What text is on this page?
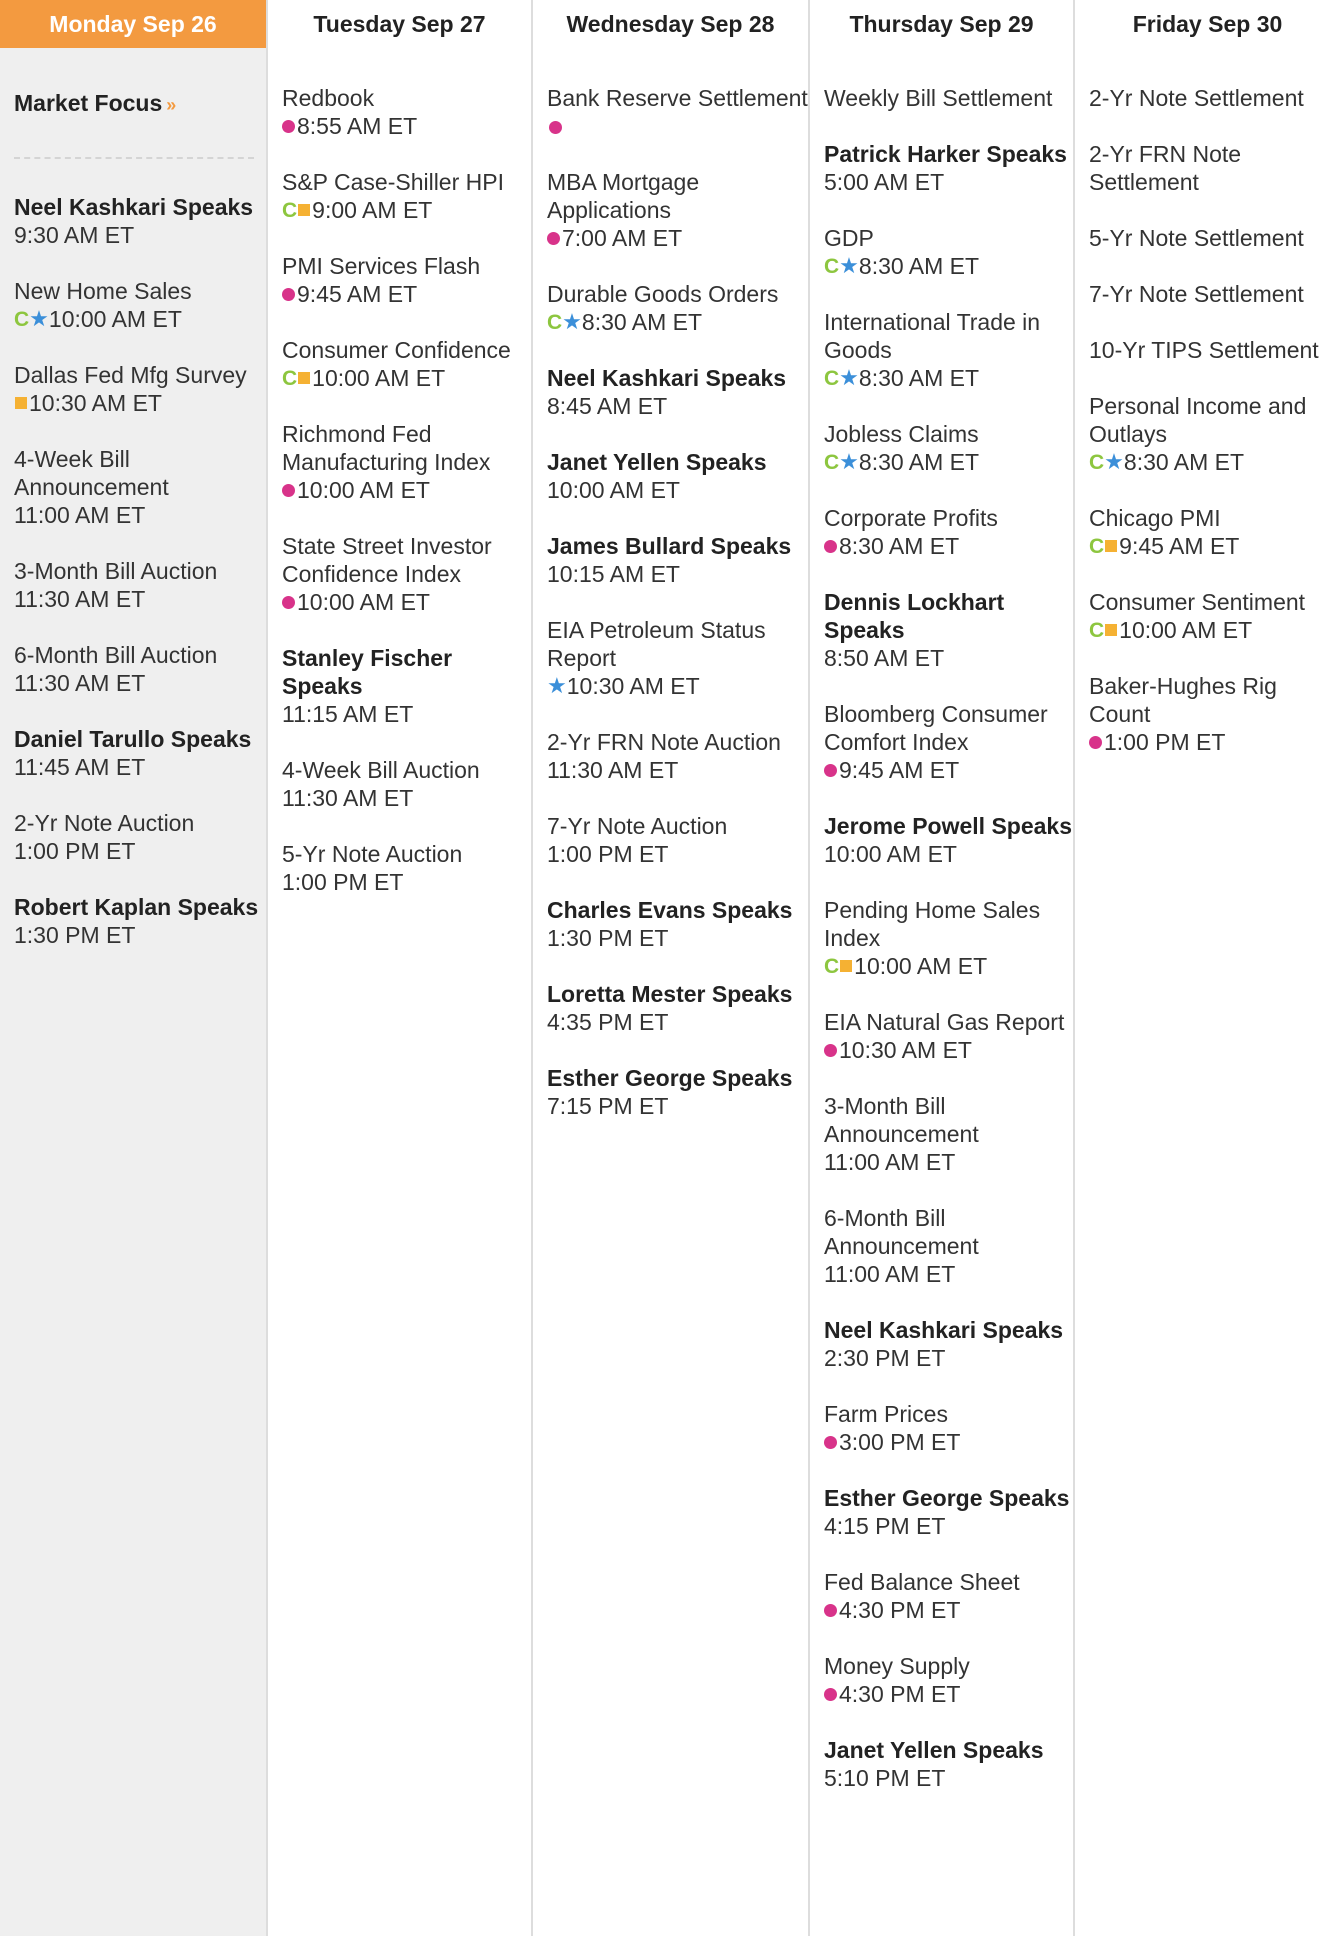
Monday Sep 26
Market Focus »
Neel Kashkari Speaks
9:30 AM ET
New Home Sales
C ★ 10:00 AM ET
Dallas Fed Mfg Survey
10:30 AM ET
4-Week Bill Announcement
11:00 AM ET
3-Month Bill Auction
11:30 AM ET
6-Month Bill Auction
11:30 AM ET
Daniel Tarullo Speaks
11:45 AM ET
2-Yr Note Auction
1:00 PM ET
Robert Kaplan Speaks
1:30 PM ET
Tuesday Sep 27
Redbook
8:55 AM ET
S&P Case-Shiller HPI
C 9:00 AM ET
PMI Services Flash
9:45 AM ET
Consumer Confidence
C 10:00 AM ET
Richmond Fed Manufacturing Index
10:00 AM ET
State Street Investor Confidence Index
10:00 AM ET
Stanley Fischer Speaks
11:15 AM ET
4-Week Bill Auction
11:30 AM ET
5-Yr Note Auction
1:00 PM ET
Wednesday Sep 28
Bank Reserve Settlement
MBA Mortgage Applications
7:00 AM ET
Durable Goods Orders
C ★ 8:30 AM ET
Neel Kashkari Speaks
8:45 AM ET
Janet Yellen Speaks
10:00 AM ET
James Bullard Speaks
10:15 AM ET
EIA Petroleum Status Report
★ 10:30 AM ET
2-Yr FRN Note Auction
11:30 AM ET
7-Yr Note Auction
1:00 PM ET
Charles Evans Speaks
1:30 PM ET
Loretta Mester Speaks
4:35 PM ET
Esther George Speaks
7:15 PM ET
Thursday Sep 29
Weekly Bill Settlement
Patrick Harker Speaks
5:00 AM ET
GDP
C ★ 8:30 AM ET
International Trade in Goods
C ★ 8:30 AM ET
Jobless Claims
C ★ 8:30 AM ET
Corporate Profits
8:30 AM ET
Dennis Lockhart Speaks
8:50 AM ET
Bloomberg Consumer Comfort Index
9:45 AM ET
Jerome Powell Speaks
10:00 AM ET
Pending Home Sales Index
C 10:00 AM ET
EIA Natural Gas Report
10:30 AM ET
3-Month Bill Announcement
11:00 AM ET
6-Month Bill Announcement
11:00 AM ET
Neel Kashkari Speaks
2:30 PM ET
Farm Prices
3:00 PM ET
Esther George Speaks
4:15 PM ET
Fed Balance Sheet
4:30 PM ET
Money Supply
4:30 PM ET
Janet Yellen Speaks
5:10 PM ET
Friday Sep 30
2-Yr Note Settlement
2-Yr FRN Note Settlement
5-Yr Note Settlement
7-Yr Note Settlement
10-Yr TIPS Settlement
Personal Income and Outlays
C ★ 8:30 AM ET
Chicago PMI
C 9:45 AM ET
Consumer Sentiment
C 10:00 AM ET
Baker-Hughes Rig Count
1:00 PM ET
